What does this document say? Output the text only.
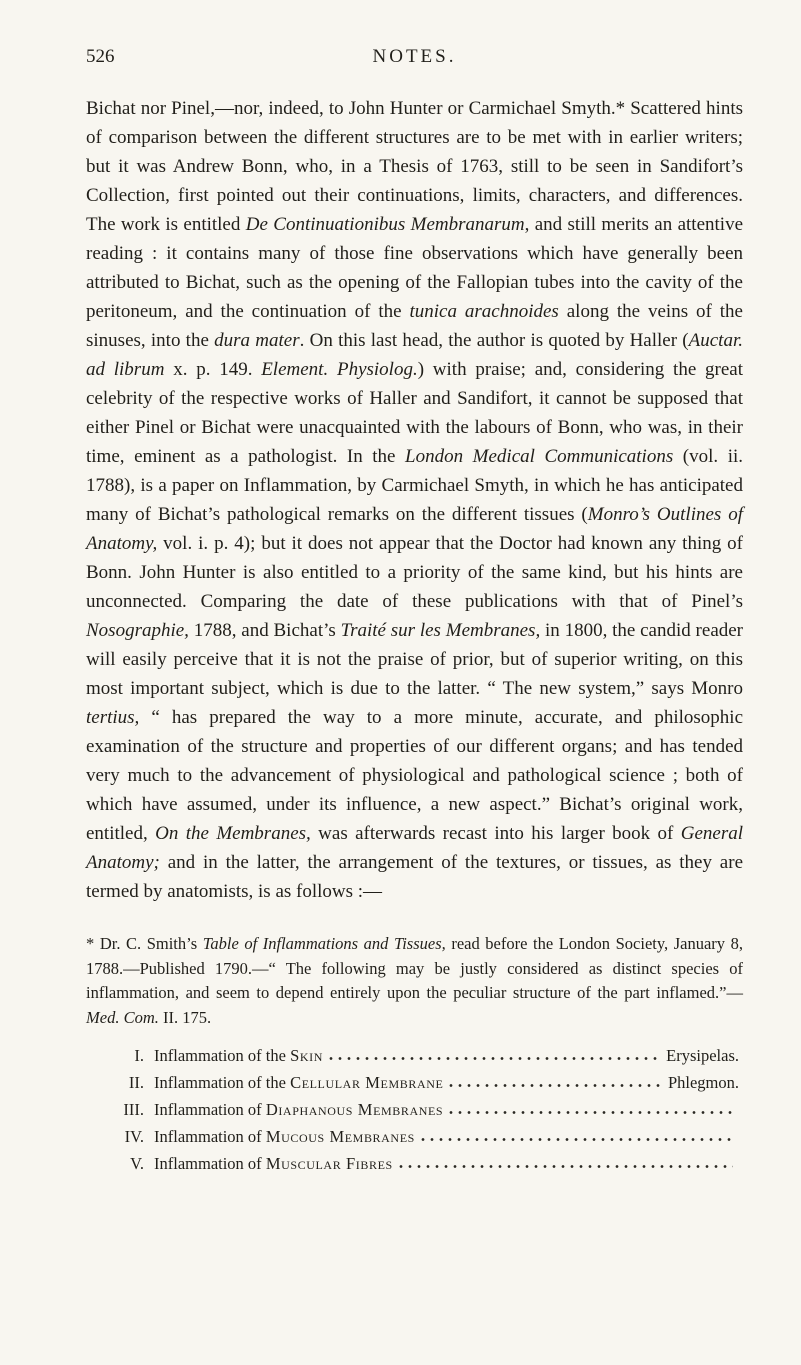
526	NOTES.

Bichat nor Pinel,—nor, indeed, to John Hunter or Carmichael Smyth.* Scattered hints of comparison between the different structures are to be met with in earlier writers; but it was Andrew Bonn, who, in a Thesis of 1763, still to be seen in Sandifort’s Collection, first pointed out their continuations, limits, characters, and differences. The work is entitled De Continuationibus Membranarum, and still merits an attentive reading : it contains many of those fine observations which have generally been attributed to Bichat, such as the opening of the Fallopian tubes into the cavity of the peritoneum, and the continuation of the tunica arachnoides along the veins of the sinuses, into the dura mater. On this last head, the author is quoted by Haller (Auctar. ad librum x. p. 149. Element. Physiolog.) with praise; and, considering the great celebrity of the respective works of Haller and Sandifort, it cannot be supposed that either Pinel or Bichat were unacquainted with the labours of Bonn, who was, in their time, eminent as a pathologist. In the London Medical Communications (vol. ii. 1788), is a paper on Inflammation, by Carmichael Smyth, in which he has anticipated many of Bichat’s pathological remarks on the different tissues (Monro’s Outlines of Anatomy, vol. i. p. 4); but it does not appear that the Doctor had known any thing of Bonn. John Hunter is also entitled to a priority of the same kind, but his hints are unconnected. Comparing the date of these publications with that of Pinel’s Nosographie, 1788, and Bichat’s Traité sur les Membranes, in 1800, the candid reader will easily perceive that it is not the praise of prior, but of superior writing, on this most important subject, which is due to the latter. “ The new system,” says Monro tertius, “ has prepared the way to a more minute, accurate, and philosophic examination of the structure and properties of our different organs; and has tended very much to the advancement of physiological and pathological science ; both of which have assumed, under its influence, a new aspect.” Bichat’s original work, entitled, On the Membranes, was afterwards recast into his larger book of General Anatomy; and in the latter, the arrangement of the textures, or tissues, as they are termed by anatomists, is as follows :—

* Dr. C. Smith’s Table of Inflammations and Tissues, read before the London Society, January 8, 1788.—Published 1790.—“ The following may be justly considered as distinct species of inflammation, and seem to depend entirely upon the peculiar structure of the part inflamed.”—Med. Com. II. 175.

I. Inflammation of the Skin	Erysipelas.
II. Inflammation of the Cellular Membrane	Phlegmon.
III. Inflammation of Diaphanous Membranes
IV. Inflammation of Mucous Membranes
V. Inflammation of Muscular Fibres
